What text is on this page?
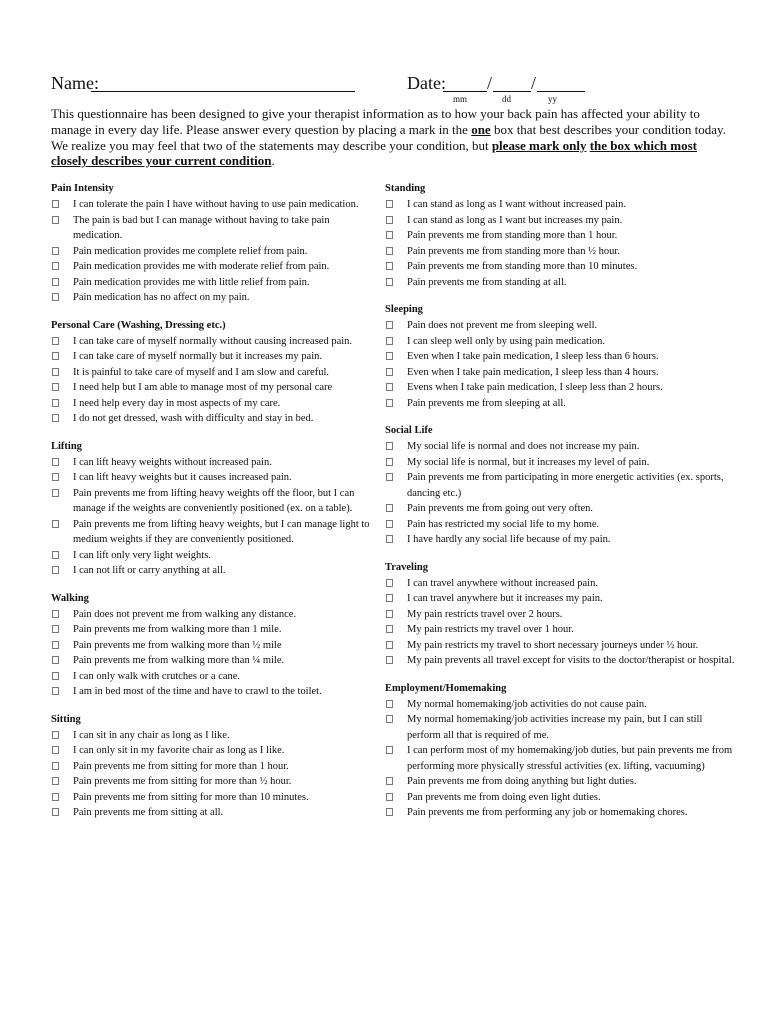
Name:	Date: / /
mm	dd	yy
This questionnaire has been designed to give your therapist information as to how your back pain has affected your ability to manage in every day life. Please answer every question by placing a mark in the one box that best describes your condition today. We realize you may feel that two of the statements may describe your condition, but please mark only the box which most closely describes your current condition.
Pain Intensity
I can tolerate the pain I have without having to use pain medication.
The pain is bad but I can manage without having to take pain medication.
Pain medication provides me complete relief from pain.
Pain medication provides me with moderate relief from pain.
Pain medication provides me with little relief from pain.
Pain medication has no affect on my pain.
Personal Care (Washing, Dressing etc.)
I can take care of myself normally without causing increased pain.
I can take care of myself normally but it increases my pain.
It is painful to take care of myself and I am slow and careful.
I need help but I am able to manage most of my personal care
I need help every day in most aspects of my care.
I do not get dressed, wash with difficulty and stay in bed.
Lifting
I can lift heavy weights without increased pain.
I can lift heavy weights but it causes increased pain.
Pain prevents me from lifting heavy weights off the floor, but I can manage if the weights are conveniently positioned (ex. on a table).
Pain prevents me from lifting heavy weights, but I can manage light to medium weights if they are conveniently positioned.
I can lift only very light weights.
I can not lift or carry anything at all.
Walking
Pain does not prevent me from walking any distance.
Pain prevents me from walking more than 1 mile.
Pain prevents me from walking more than ½ mile
Pain prevents me from walking more than ¼ mile.
I can only walk with crutches or a cane.
I am in bed most of the time and have to crawl to the toilet.
Sitting
I can sit in any chair as long as I like.
I can only sit in my favorite chair as long as I like.
Pain prevents me from sitting for more than 1 hour.
Pain prevents me from sitting for more than ½ hour.
Pain prevents me from sitting for more than 10 minutes.
Pain prevents me from sitting at all.
Standing
I can stand as long as I want without increased pain.
I can stand as long as I want but increases my pain.
Pain prevents me from standing more than 1 hour.
Pain prevents me from standing more than ½ hour.
Pain prevents me from standing more than 10 minutes.
Pain prevents me from standing at all.
Sleeping
Pain does not prevent me from sleeping well.
I can sleep well only by using pain medication.
Even when I take pain medication, I sleep less than 6 hours.
Even when I take pain medication, I sleep less than 4 hours.
Evens when I take pain medication, I sleep less than 2 hours.
Pain prevents me from sleeping at all.
Social Life
My social life is normal and does not increase my pain.
My social life is normal, but it increases my level of pain.
Pain prevents me from participating in more energetic activities (ex. sports, dancing etc.)
Pain prevents me from going out very often.
Pain has restricted my social life to my home.
I have hardly any social life because of my pain.
Traveling
I can travel anywhere without increased pain.
I can travel anywhere but it increases my pain.
My pain restricts travel over 2 hours.
My pain restricts my travel over 1 hour.
My pain restricts my travel to short necessary journeys under ½ hour.
My pain prevents all travel except for visits to the doctor/therapist or hospital.
Employment/Homemaking
My normal homemaking/job activities do not cause pain.
My normal homemaking/job activities increase my pain, but I can still perform all that is required of me.
I can perform most of my homemaking/job duties, but pain prevents me from performing more physically stressful activities (ex. lifting, vacuuming)
Pain prevents me from doing anything but light duties.
Pan prevents me from doing even light duties.
Pain prevents me from performing any job or homemaking chores.
